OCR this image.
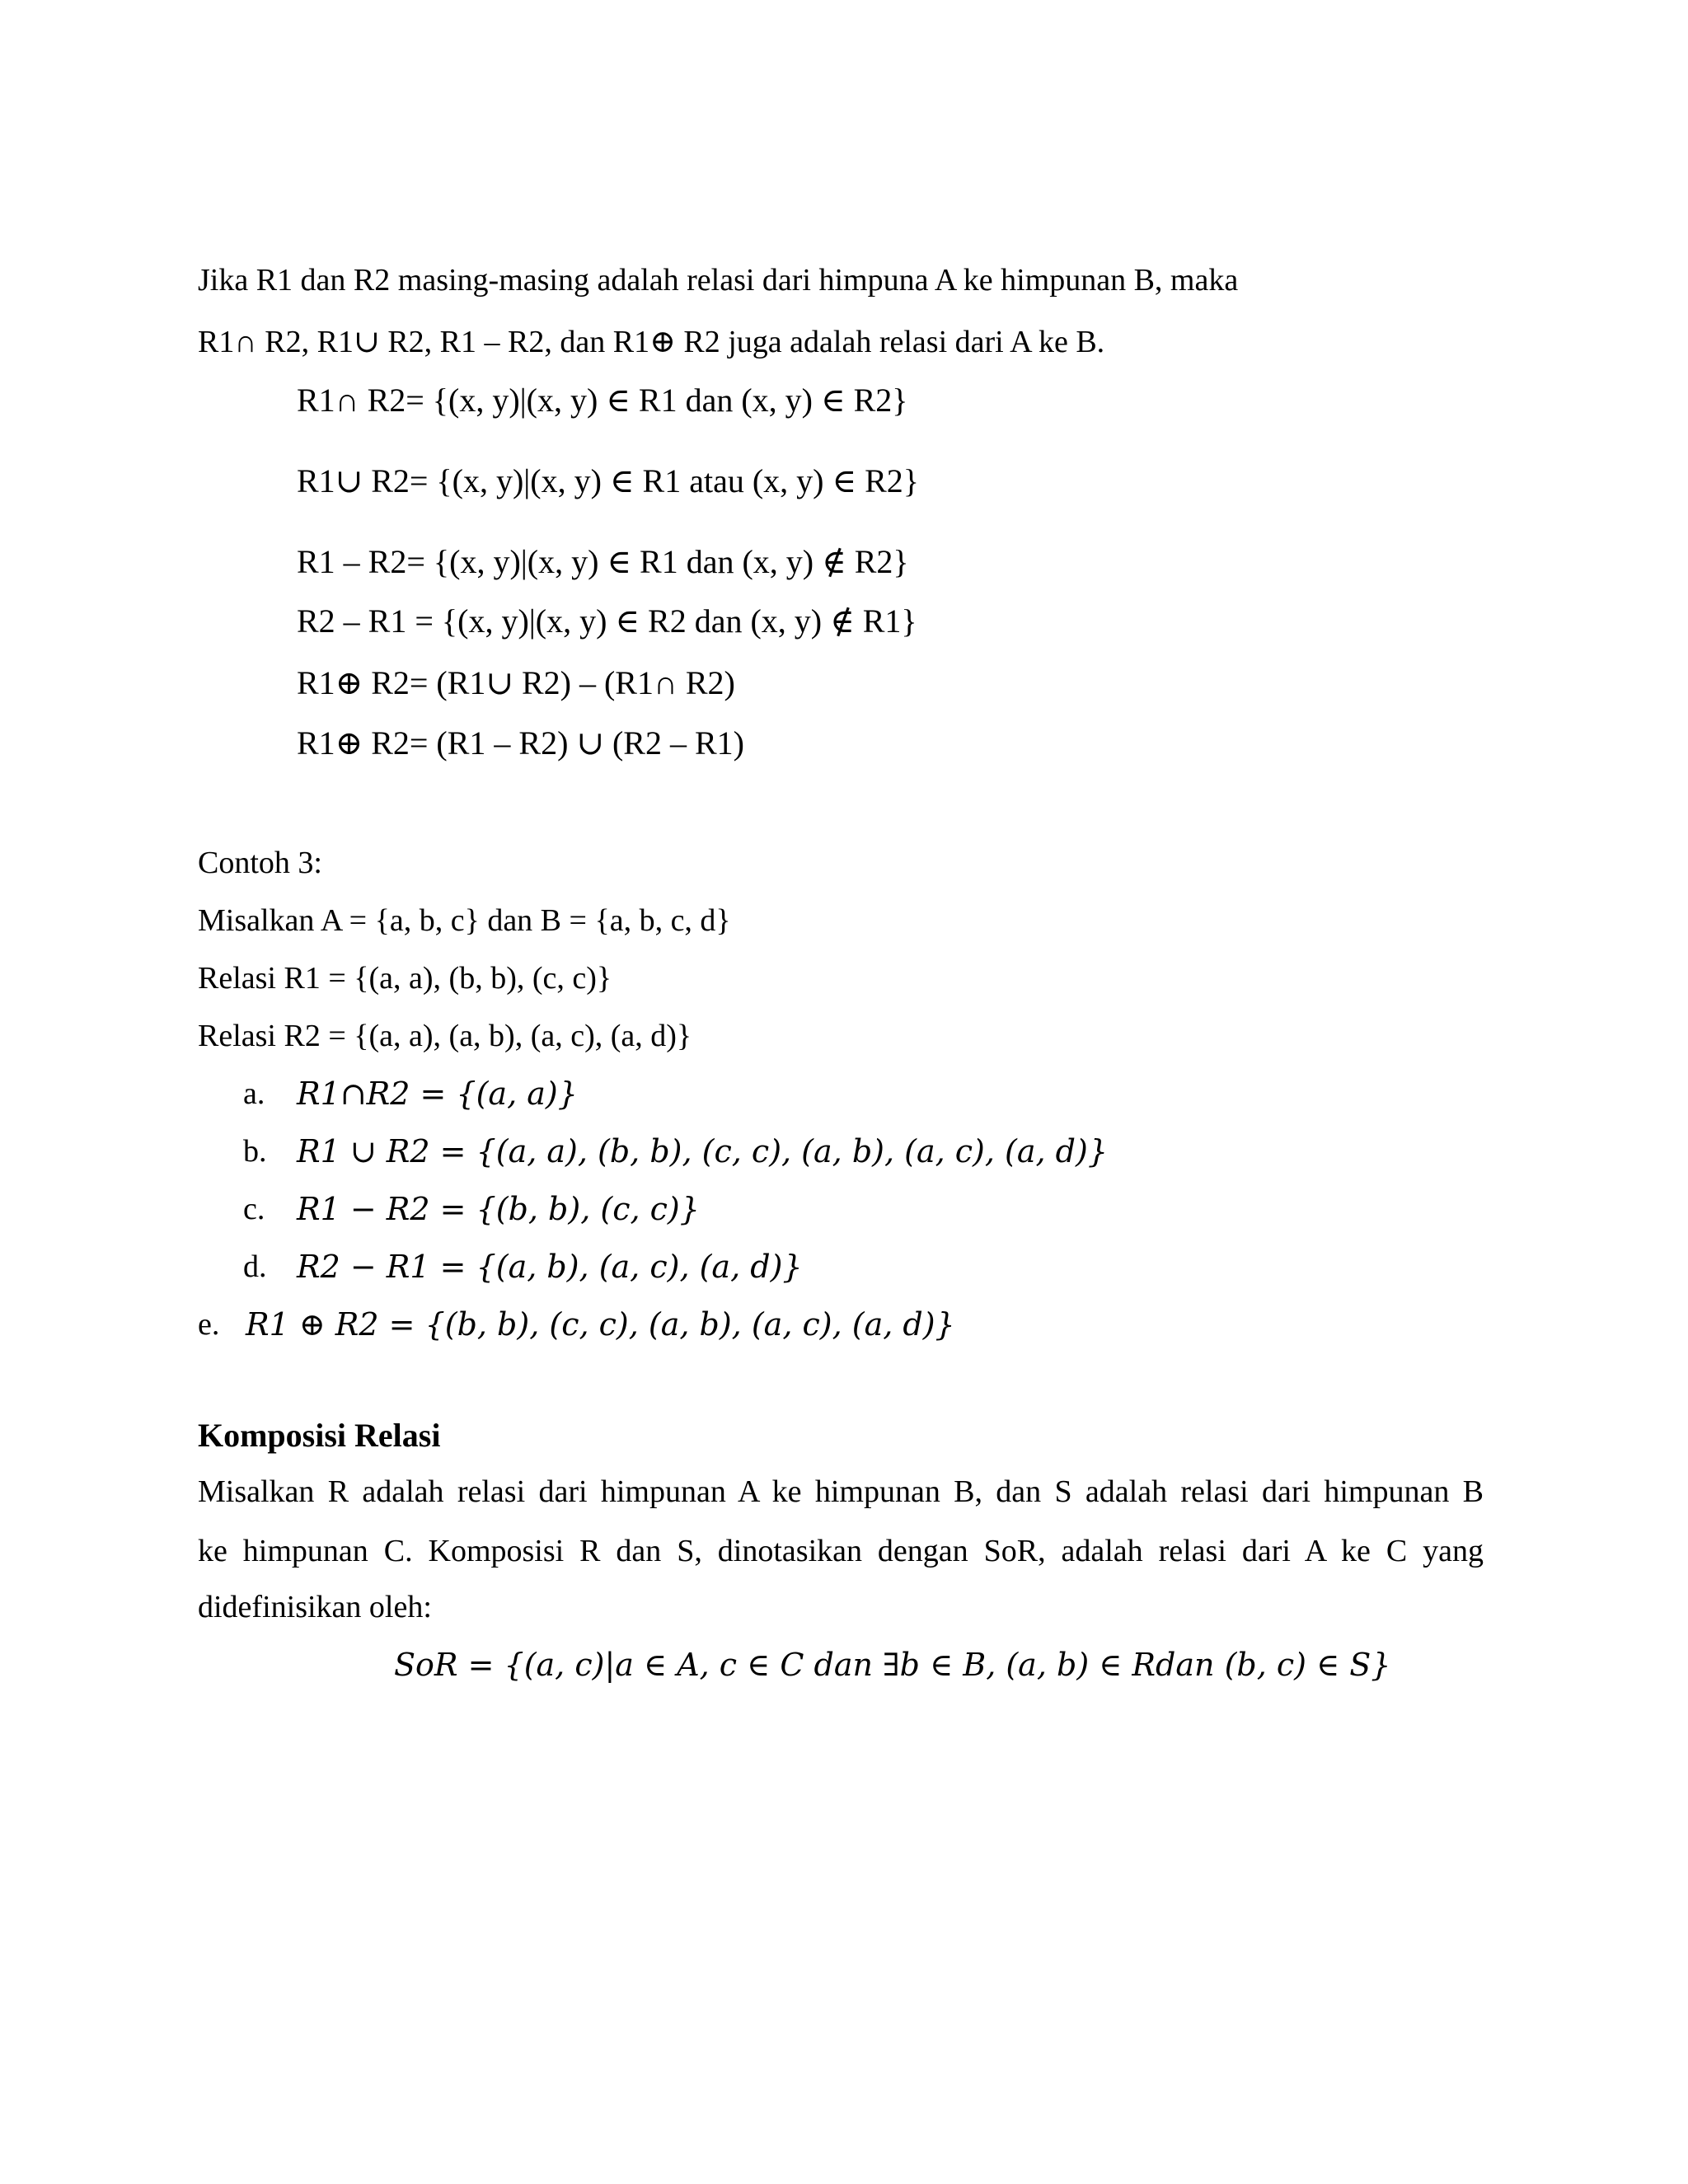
Jika R1 dan R2 masing-masing adalah relasi dari himpuna A ke himpunan B, maka
R1∩ R2, R1∪ R2, R1 – R2, dan R1⊕ R2 juga adalah relasi dari A ke B.
R1∩ R2= {(x, y)|(x, y) ∈ R1 dan (x, y) ∈ R2}
R1∪ R2= {(x, y)|(x, y) ∈ R1 atau (x, y) ∈ R2}
R1 – R2= {(x, y)|(x, y) ∈ R1 dan (x, y) ∉ R2}
R2 – R1 = {(x, y)|(x, y) ∈ R2 dan (x, y) ∉ R1}
R1⊕ R2= (R1∪ R2) – (R1∩ R2)
R1⊕ R2= (R1 – R2) ∪ (R2 – R1)
Contoh 3:
Misalkan A = {a, b, c} dan B = {a, b, c, d}
Relasi R1 = {(a, a), (b, b), (c, c)}
Relasi R2 = {(a, a), (a, b), (a, c), (a, d)}
a. R1∩R2 = {(a, a)}
b. R1 ∪ R2 = {(a, a), (b, b), (c, c), (a, b), (a, c), (a, d)}
c. R1 − R2 = {(b, b), (c, c)}
d. R2 − R1 = {(a, b), (a, c), (a, d)}
e. R1 ⊕ R2 = {(b, b), (c, c), (a, b), (a, c), (a, d)}
Komposisi Relasi
Misalkan R adalah relasi dari himpunan A ke himpunan B, dan S adalah relasi dari himpunan B
ke himpunan C. Komposisi R dan S, dinotasikan dengan SoR, adalah relasi dari A ke C yang
didefinisikan oleh:
SoR = {(a, c)|a ∈ A, c ∈ C dan ∃b ∈ B, (a, b) ∈ Rdan (b, c) ∈ S}
